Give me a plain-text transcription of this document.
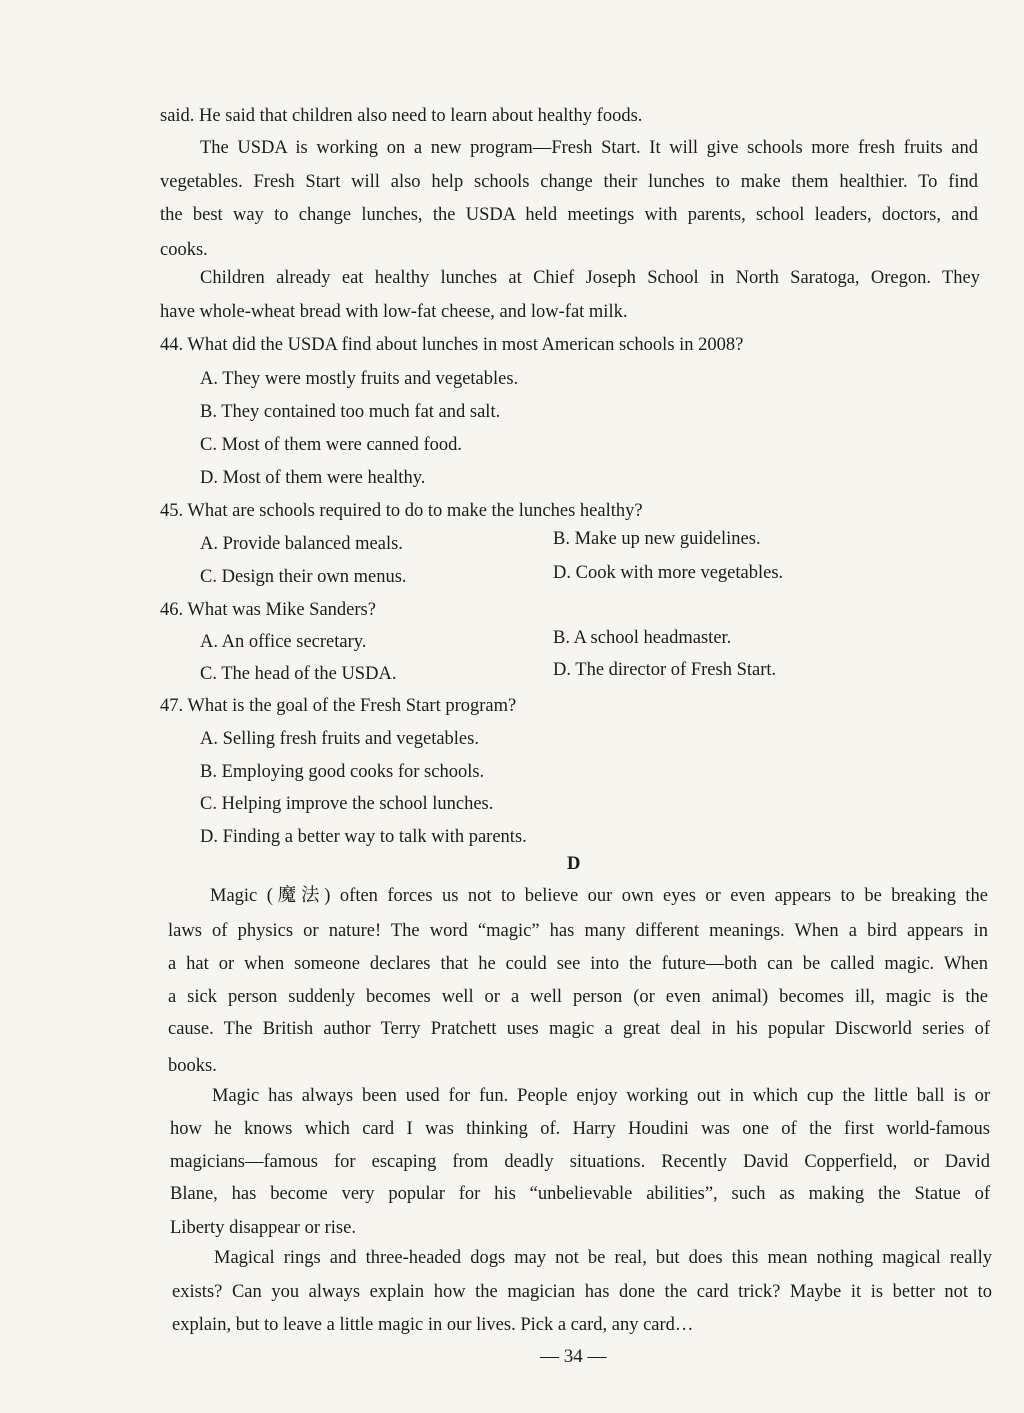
said. He said that children also need to learn about healthy foods.
The USDA is working on a new program—Fresh Start. It will give schools more fresh fruits and
vegetables. Fresh Start will also help schools change their lunches to make them healthier. To find
the best way to change lunches, the USDA held meetings with parents, school leaders, doctors, and
cooks.
Children already eat healthy lunches at Chief Joseph School in North Saratoga, Oregon. They
have whole-wheat bread with low-fat cheese, and low-fat milk.
44. What did the USDA find about lunches in most American schools in 2008?
A. They were mostly fruits and vegetables.
B. They contained too much fat and salt.
C. Most of them were canned food.
D. Most of them were healthy.
45. What are schools required to do to make the lunches healthy?
A. Provide balanced meals.	B. Make up new guidelines.
C. Design their own menus.	D. Cook with more vegetables.
46. What was Mike Sanders?
A. An office secretary.	B. A school headmaster.
C. The head of the USDA.	D. The director of Fresh Start.
47. What is the goal of the Fresh Start program?
A. Selling fresh fruits and vegetables.
B. Employing good cooks for schools.
C. Helping improve the school lunches.
D. Finding a better way to talk with parents.
D
Magic (魔法) often forces us not to believe our own eyes or even appears to be breaking the
laws of physics or nature! The word “magic” has many different meanings. When a bird appears in
a hat or when someone declares that he could see into the future—both can be called magic. When
a sick person suddenly becomes well or a well person (or even animal) becomes ill, magic is the
cause. The British author Terry Pratchett uses magic a great deal in his popular Discworld series of
books.
Magic has always been used for fun. People enjoy working out in which cup the little ball is or
how he knows which card I was thinking of. Harry Houdini was one of the first world-famous
magicians—famous for escaping from deadly situations. Recently David Copperfield, or David
Blane, has become very popular for his “unbelievable abilities”, such as making the Statue of
Liberty disappear or rise.
Magical rings and three-headed dogs may not be real, but does this mean nothing magical really
exists? Can you always explain how the magician has done the card trick? Maybe it is better not to
explain, but to leave a little magic in our lives. Pick a card, any card…
— 34 —
